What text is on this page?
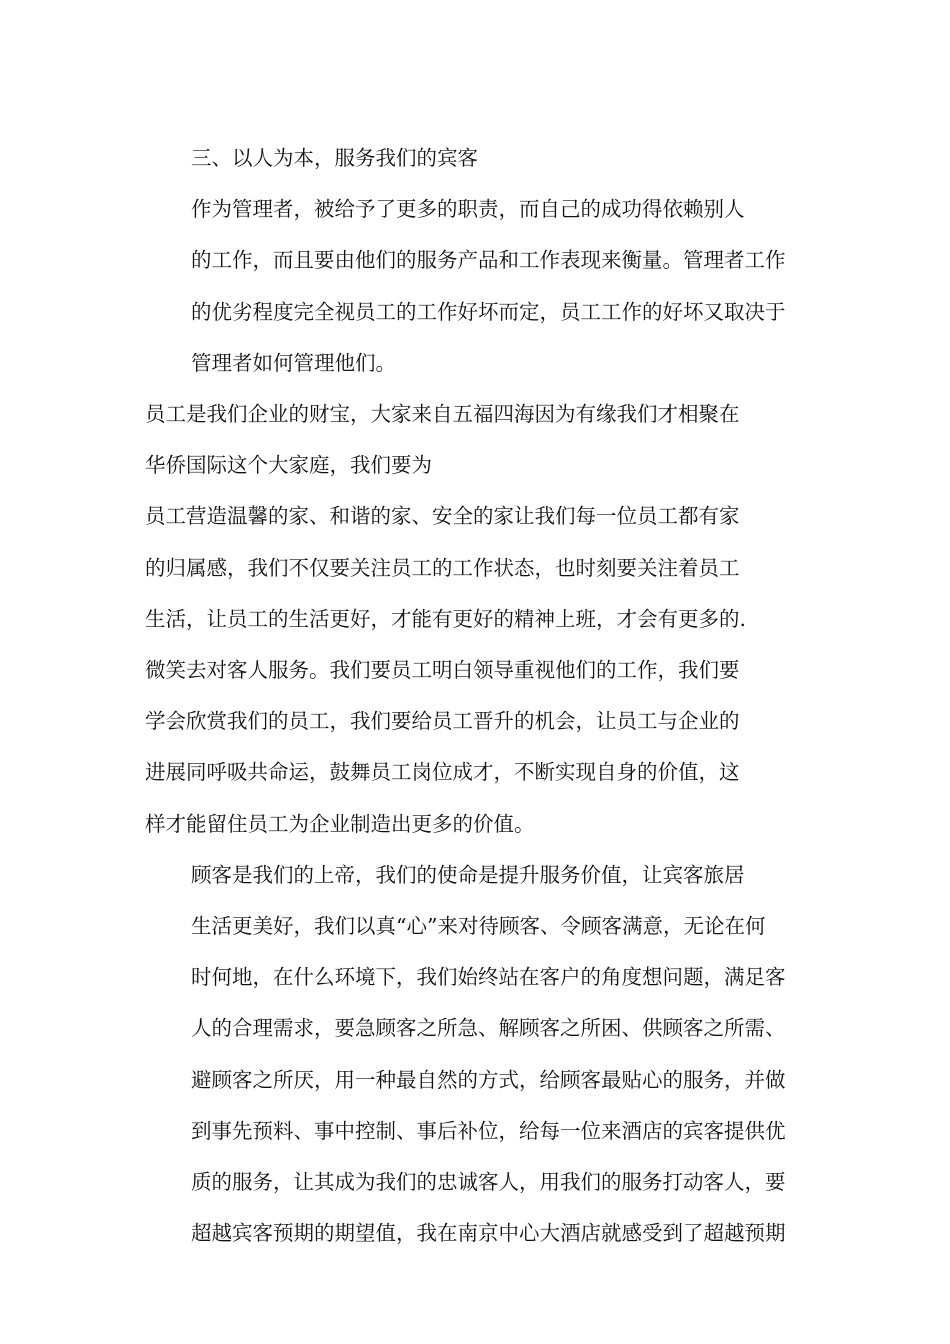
三、以人为本，服务我们的宾客

作为管理者，被给予了更多的职责，而自己的成功得依赖别人
的工作，而且要由他们的服务产品和工作表现来衡量。管理者工作
的优劣程度完全视员工的工作好坏而定，员工工作的好坏又取决于
管理者如何管理他们。

员工是我们企业的财宝，大家来自五福四海因为有缘我们才相聚在
华侨国际这个大家庭，我们要为

员工营造温馨的家、和谐的家、安全的家让我们每一位员工都有家
的归属感，我们不仅要关注员工的工作状态，也时刻要关注着员工
生活，让员工的生活更好，才能有更好的精神上班，才会有更多的.
微笑去对客人服务。我们要员工明白领导重视他们的工作，我们要
学会欣赏我们的员工，我们要给员工晋升的机会，让员工与企业的
进展同呼吸共命运，鼓舞员工岗位成才，不断实现自身的价值，这
样才能留住员工为企业制造出更多的价值。

顾客是我们的上帝，我们的使命是提升服务价值，让宾客旅居
生活更美好，我们以真“心”来对待顾客、令顾客满意，无论在何
时何地，在什么环境下，我们始终站在客户的角度想问题，满足客
人的合理需求，要急顾客之所急、解顾客之所困、供顾客之所需、
避顾客之所厌，用一种最自然的方式，给顾客最贴心的服务，并做
到事先预料、事中控制、事后补位，给每一位来酒店的宾客提供优
质的服务，让其成为我们的忠诚客人，用我们的服务打动客人，要
超越宾客预期的期望值，我在南京中心大酒店就感受到了超越预期
